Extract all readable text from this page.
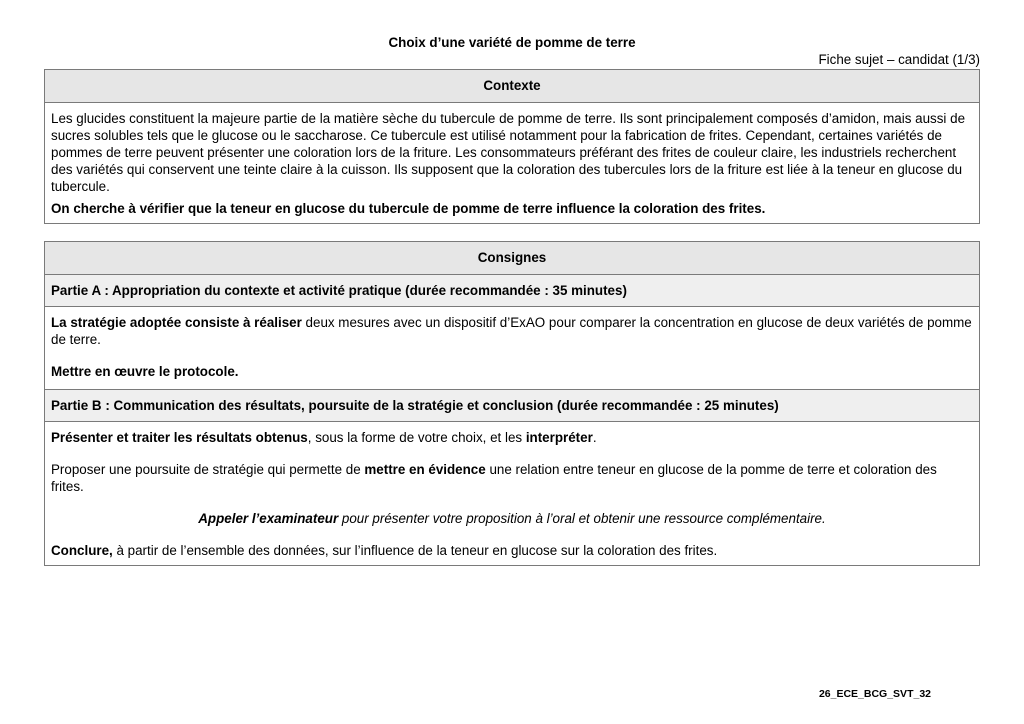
Choix d’une variété de pomme de terre
Fiche sujet – candidat (1/3)
Contexte

Les glucides constituent la majeure partie de la matière sèche du tubercule de pomme de terre. Ils sont principalement composés d’amidon, mais aussi de sucres solubles tels que le glucose ou le saccharose. Ce tubercule est utilisé notamment pour la fabrication de frites. Cependant, certaines variétés de pommes de terre peuvent présenter une coloration lors de la friture. Les consommateurs préférant des frites de couleur claire, les industriels recherchent des variétés qui conservent une teinte claire à la cuisson. Ils supposent que la coloration des tubercules lors de la friture est liée à la teneur en glucose du tubercule.

On cherche à vérifier que la teneur en glucose du tubercule de pomme de terre influence la coloration des frites.

Consignes
Partie A : Appropriation du contexte et activité pratique (durée recommandée : 35 minutes)

La stratégie adoptée consiste à réaliser deux mesures avec un dispositif d’ExAO pour comparer la concentration en glucose de deux variétés de pomme de terre.

Mettre en œuvre le protocole.

Partie B : Communication des résultats, poursuite de la stratégie et conclusion (durée recommandée : 25 minutes)

Présenter et traiter les résultats obtenus, sous la forme de votre choix, et les interpréter.

Proposer une poursuite de stratégie qui permette de mettre en évidence une relation entre teneur en glucose de la pomme de terre et coloration des frites.

Appeler l’examinateur pour présenter votre proposition à l’oral et obtenir une ressource complémentaire.

Conclure, à partir de l’ensemble des données, sur l’influence de la teneur en glucose sur la coloration des frites.

26_ECE_BCG_SVT_32
